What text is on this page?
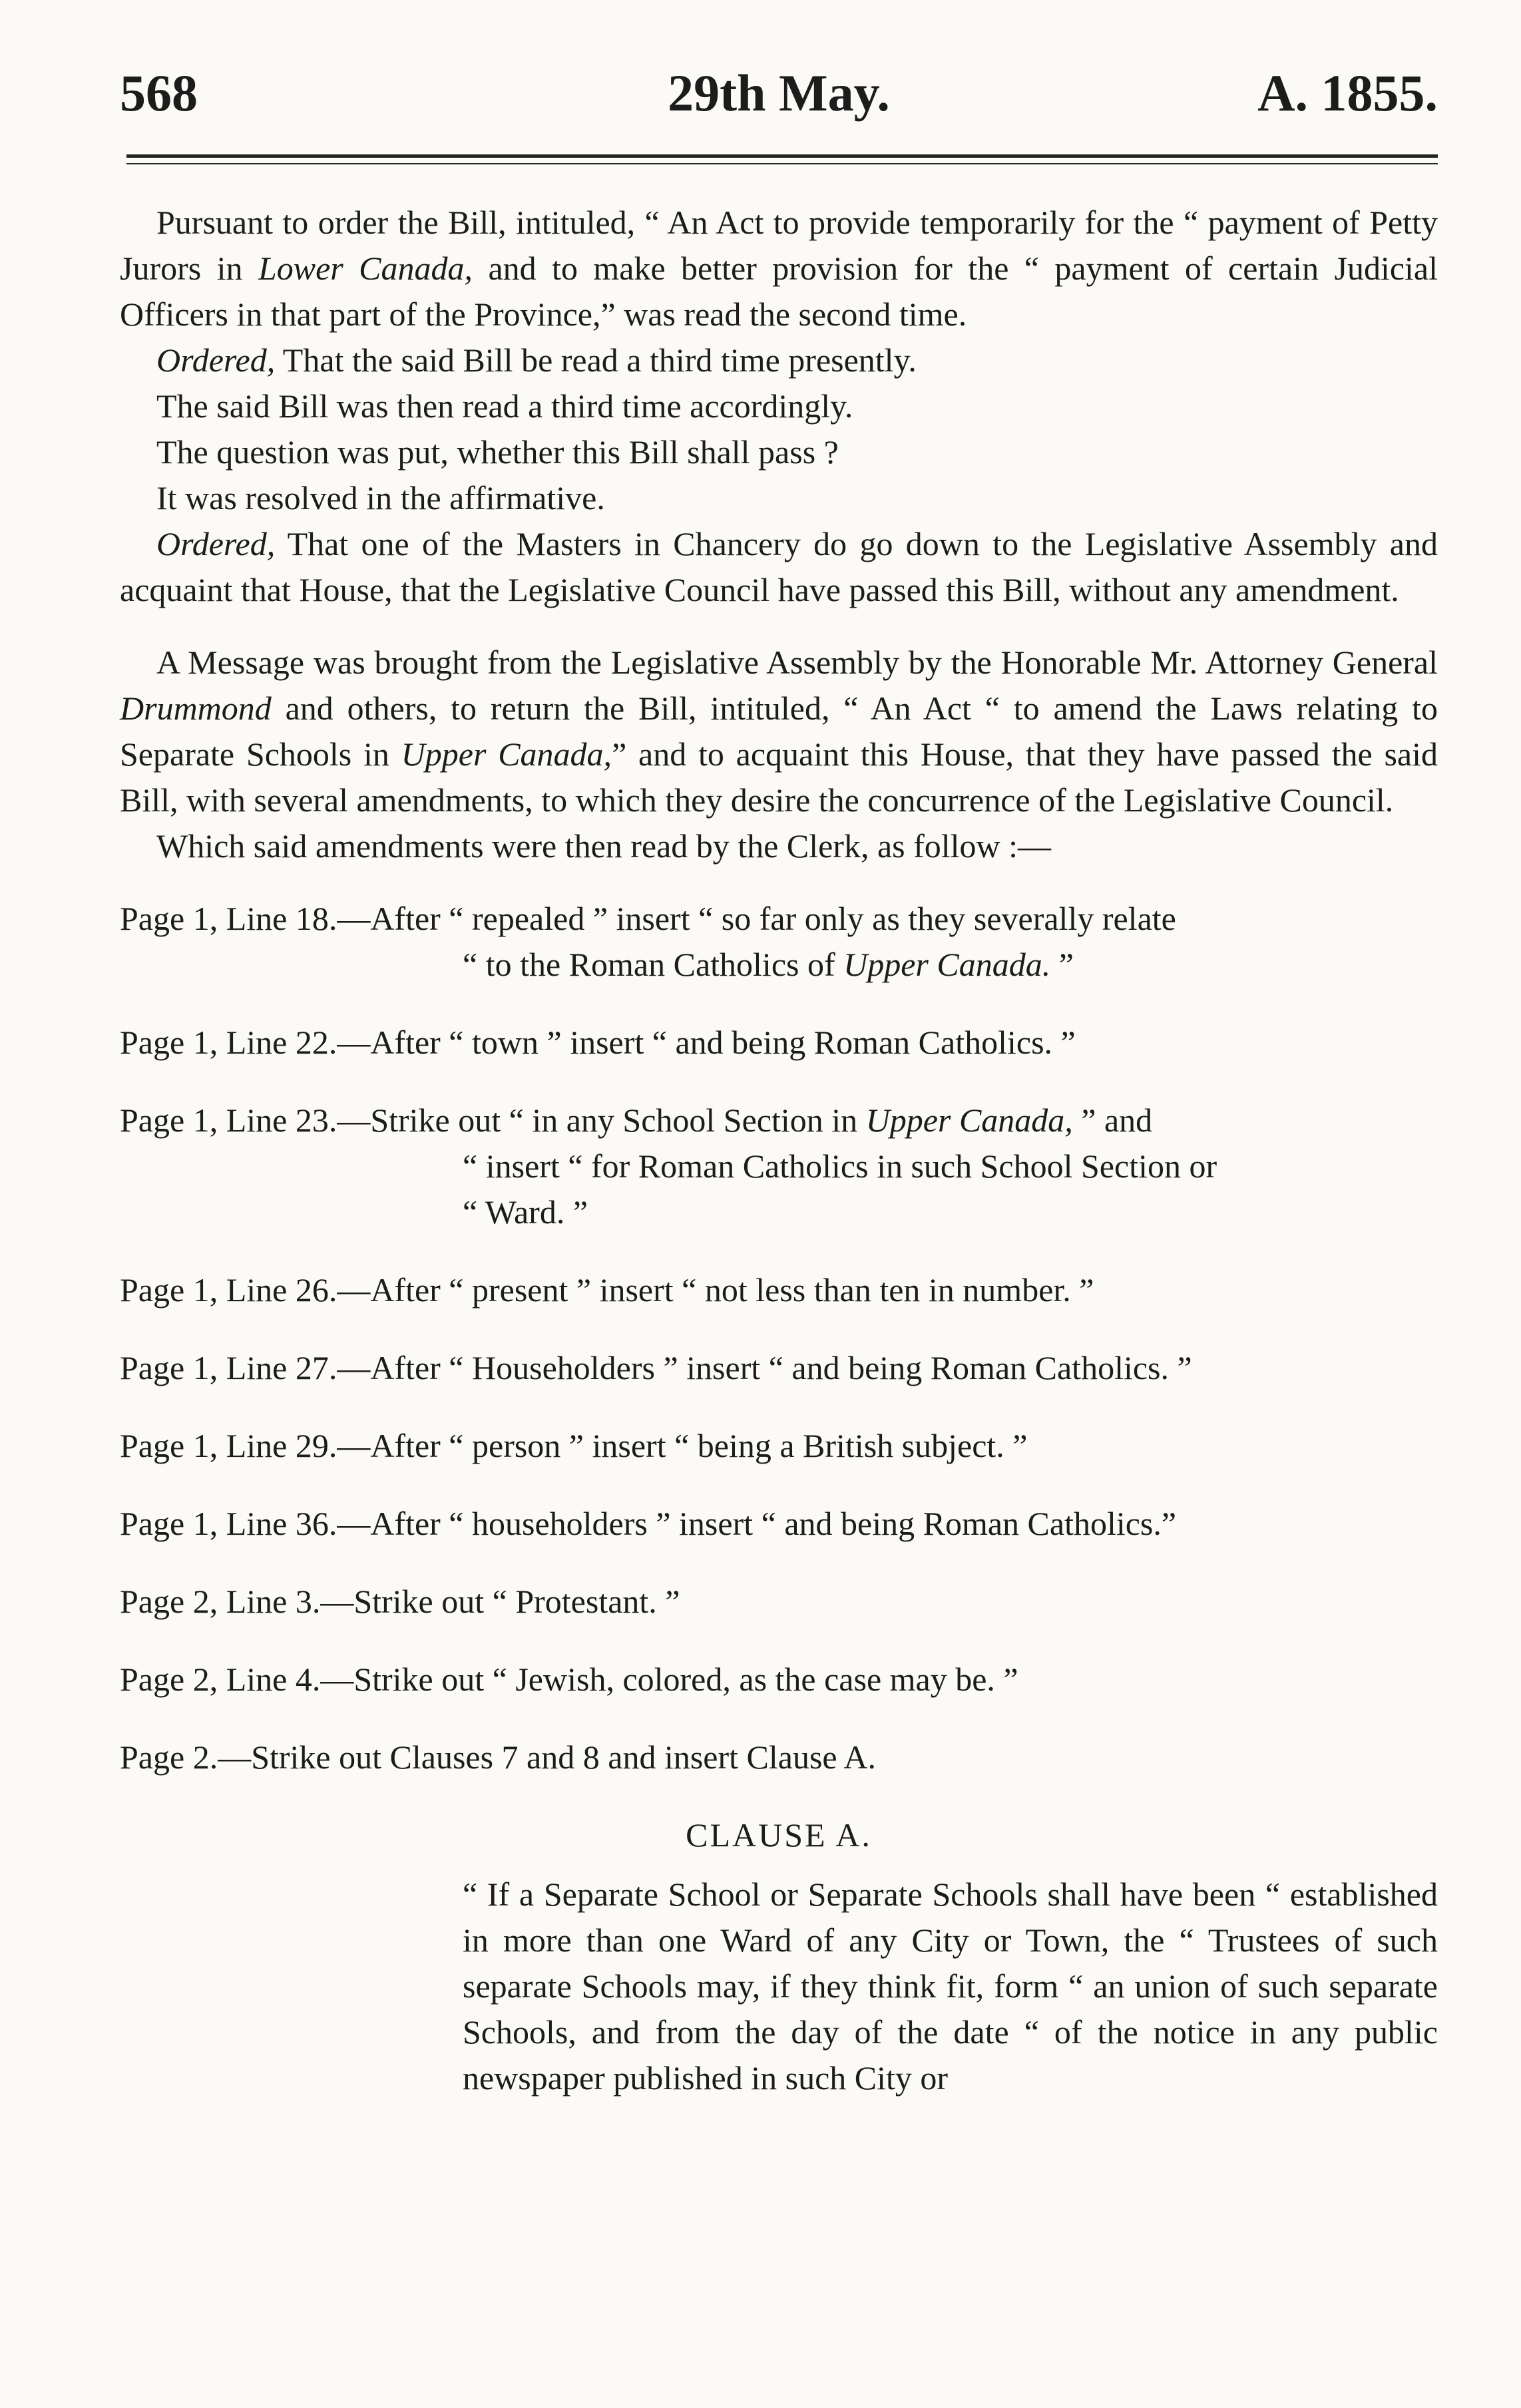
568	29th May.	A. 1855.

Pursuant to order the Bill, intituled, “ An Act to provide temporarily for the “ payment of Petty Jurors in Lower Canada, and to make better provision for the “ payment of certain Judicial Officers in that part of the Province,” was read the second time.

Ordered, That the said Bill be read a third time presently.

The said Bill was then read a third time accordingly.

The question was put, whether this Bill shall pass ?

It was resolved in the affirmative.

Ordered, That one of the Masters in Chancery do go down to the Legislative Assembly and acquaint that House, that the Legislative Council have passed this Bill, without any amendment.

A Message was brought from the Legislative Assembly by the Honorable Mr. Attorney General Drummond and others, to return the Bill, intituled, “ An Act “ to amend the Laws relating to Separate Schools in Upper Canada,” and to acquaint this House, that they have passed the said Bill, with several amendments, to which they desire the concurrence of the Legislative Council.

Which said amendments were then read by the Clerk, as follow :—

Page 1, Line 18.—After “ repealed ” insert “ so far only as they severally relate
“ to the Roman Catholics of Upper Canada. ”
Page 1, Line 22.—After “ town ” insert “ and being Roman Catholics. ”
Page 1, Line 23.—Strike out “ in any School Section in Upper Canada, ” and
“ insert “ for Roman Catholics in such School Section or
“ Ward. ”
Page 1, Line 26.—After “ present ” insert “ not less than ten in number. ”
Page 1, Line 27.—After “ Householders ” insert “ and being Roman Catholics. ”
Page 1, Line 29.—After “ person ” insert “ being a British subject. ”
Page 1, Line 36.—After “ householders ” insert “ and being Roman Catholics.”
Page 2, Line 3.—Strike out “ Protestant. ”
Page 2, Line 4.—Strike out “ Jewish, colored, as the case may be. ”
Page 2.—Strike out Clauses 7 and 8 and insert Clause A.
CLAUSE A.

“ If a Separate School or Separate Schools shall have been “ established in more than one Ward of any City or Town, the “ Trustees of such separate Schools may, if they think fit, form “ an union of such separate Schools, and from the day of the date “ of the notice in any public newspaper published in such City or
